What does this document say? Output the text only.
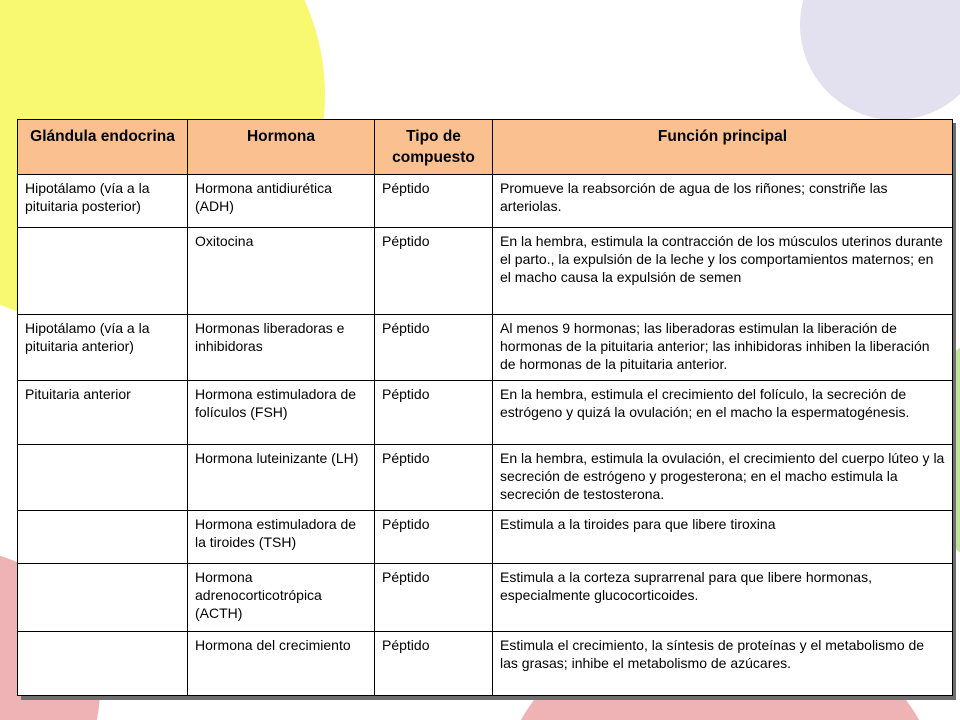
Glándula endocrina	Hormona	Tipo de compuesto	Función principal
Hipotálamo (vía a la pituitaria posterior)	Hormona antidiurética (ADH)	Péptido	Promueve la reabsorción de agua de los riñones; constriñe las arteriolas.
	Oxitocina	Péptido	En la hembra, estimula la contracción de los músculos uterinos durante el parto., la expulsión de la leche y los comportamientos maternos; en el macho causa la expulsión de semen
Hipotálamo (vía a la pituitaria anterior)	Hormonas liberadoras e inhibidoras	Péptido	Al menos 9 hormonas; las liberadoras estimulan la liberación de hormonas de la pituitaria anterior; las inhibidoras inhiben la liberación de hormonas de la pituitaria anterior.
Pituitaria anterior	Hormona estimuladora de folículos (FSH)	Péptido	En la hembra, estimula el crecimiento del folículo, la secreción de estrógeno y quizá la ovulación; en el macho la espermatogénesis.
	Hormona luteinizante (LH)	Péptido	En la hembra, estimula la ovulación, el crecimiento del cuerpo lúteo y la secreción de estrógeno y progesterona; en el macho estimula la secreción de testosterona.
	Hormona estimuladora de la tiroides (TSH)	Péptido	Estimula a la tiroides para que libere tiroxina
	Hormona adrenocorticotrópica (ACTH)	Péptido	Estimula a la corteza suprarrenal para que libere hormonas, especialmente glucocorticoides.
	Hormona del crecimiento	Péptido	Estimula el crecimiento, la síntesis de proteínas y el metabolismo de las grasas; inhibe el metabolismo de azúcares.
